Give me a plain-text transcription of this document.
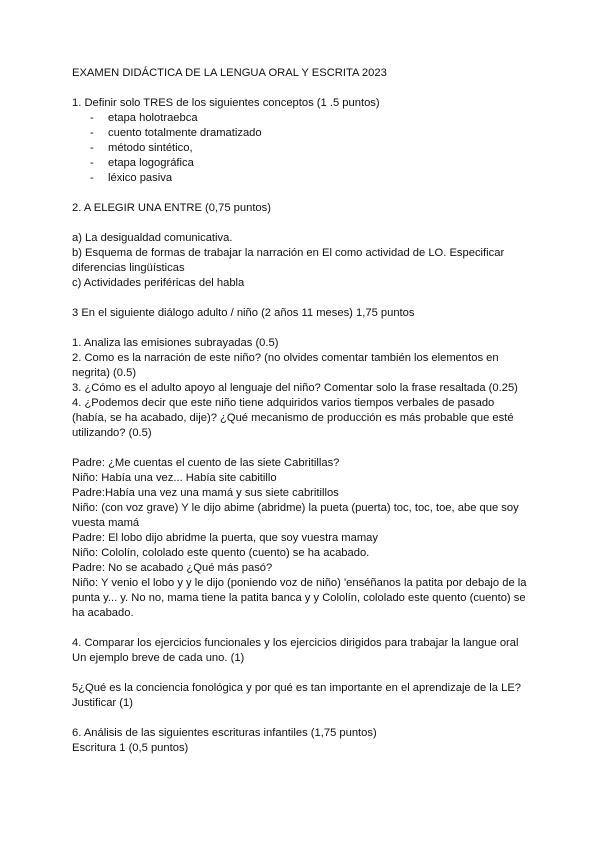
EXAMEN DIDÁCTICA DE LA LENGUA ORAL Y ESCRITA 2023

1. Definir solo TRES de los siguientes conceptos (1 .5 puntos)

- etapa holotraebca
- cuento totalmente dramatizado
- método sintético,
- etapa logográfica
- léxico pasiva

2. A ELEGIR UNA ENTRE (0,75 puntos)

a) La desigualdad comunicativa.

b) Esquema de formas de trabajar la narración en El como actividad de LO. Especificar diferencias lingüísticas

c) Actividades periféricas del habla

3 En el siguiente diálogo adulto / niño (2 años 11 meses) 1,75 puntos

1. Analiza las emisiones subrayadas (0.5)

2. Como es la narración de este niño? (no olvides comentar también los elementos en negrita) (0.5)

3. ¿Cómo es el adulto apoyo al lenguaje del niño? Comentar solo la frase resaltada (0.25)

4. ¿Podemos decir que este niño tiene adquiridos varios tiempos verbales de pasado (había, se ha acabado, dije)? ¿Qué mecanismo de producción es más probable que esté utilizando? (0.5)

Padre: ¿Me cuentas el cuento de las siete Cabritillas?

Niño: Había una vez... Había site cabitillo

Padre:Había una vez una mamá y sus siete cabritillos

Niño: (con voz grave) Y le dijo abime (abridme) la pueta (puerta) toc, toc, toe, abe que soy vuesta mamá

Padre: El lobo dijo abridme la puerta, que soy vuestra mamay

Niño: Cololín, cololado este quento (cuento) se ha acabado.

Padre: No se acabado ¿Qué más pasó?

Niño: Y venio el lobo y y le dijo (poniendo voz de niño) 'enséñanos la patita por debajo de la punta y... y. No no, mama tiene la patita banca y y Cololín, cololado este quento (cuento) se ha acabado.

4. Comparar los ejercicios funcionales y los ejercicios dirigidos para trabajar la langue oral

Un ejemplo breve de cada uno. (1)

5¿Qué es la conciencia fonológica y por qué es tan importante en el aprendizaje de la LE? Justificar (1)

6. Análisis de las siguientes escrituras infantiles (1,75 puntos)

Escritura 1 (0,5 puntos)
